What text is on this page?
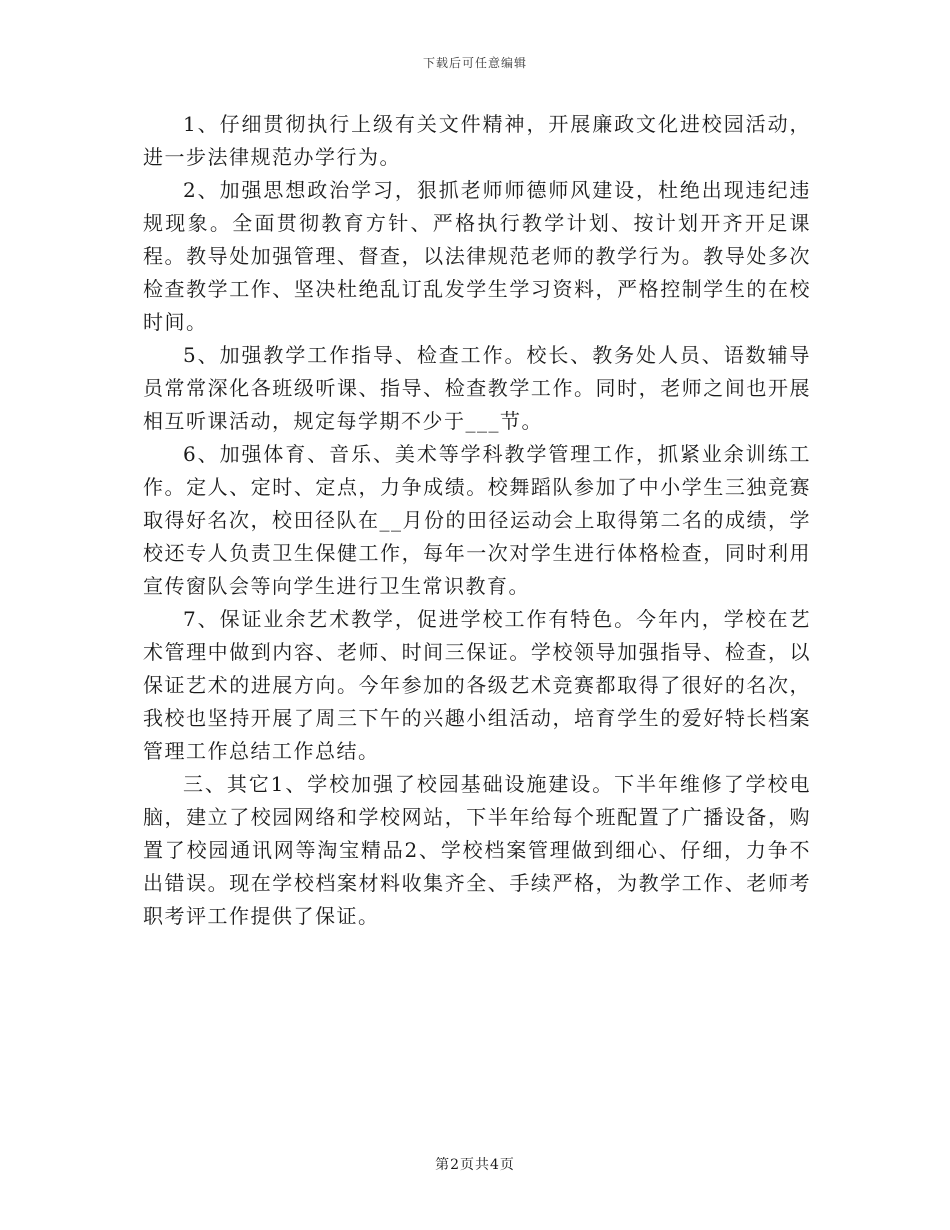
下载后可任意编辑

1、仔细贯彻执行上级有关文件精神，开展廉政文化进校园活动，进一步法律规范办学行为。

2、加强思想政治学习，狠抓老师师德师风建设，杜绝出现违纪违规现象。全面贯彻教育方针、严格执行教学计划、按计划开齐开足课程。教导处加强管理、督查，以法律规范老师的教学行为。教导处多次检查教学工作、坚决杜绝乱订乱发学生学习资料，严格控制学生的在校时间。

5、加强教学工作指导、检查工作。校长、教务处人员、语数辅导员常常深化各班级听课、指导、检查教学工作。同时，老师之间也开展相互听课活动，规定每学期不少于___节。

6、加强体育、音乐、美术等学科教学管理工作，抓紧业余训练工作。定人、定时、定点，力争成绩。校舞蹈队参加了中小学生三独竞赛取得好名次，校田径队在__月份的田径运动会上取得第二名的成绩，学校还专人负责卫生保健工作，每年一次对学生进行体格检查，同时利用宣传窗队会等向学生进行卫生常识教育。

7、保证业余艺术教学，促进学校工作有特色。今年内，学校在艺术管理中做到内容、老师、时间三保证。学校领导加强指导、检查，以保证艺术的进展方向。今年参加的各级艺术竞赛都取得了很好的名次，我校也坚持开展了周三下午的兴趣小组活动，培育学生的爱好特长档案管理工作总结工作总结。

三、其它1、学校加强了校园基础设施建设。下半年维修了学校电脑，建立了校园网络和学校网站，下半年给每个班配置了广播设备，购置了校园通讯网等淘宝精品2、学校档案管理做到细心、仔细，力争不出错误。现在学校档案材料收集齐全、手续严格，为教学工作、老师考职考评工作提供了保证。

第2页共4页
